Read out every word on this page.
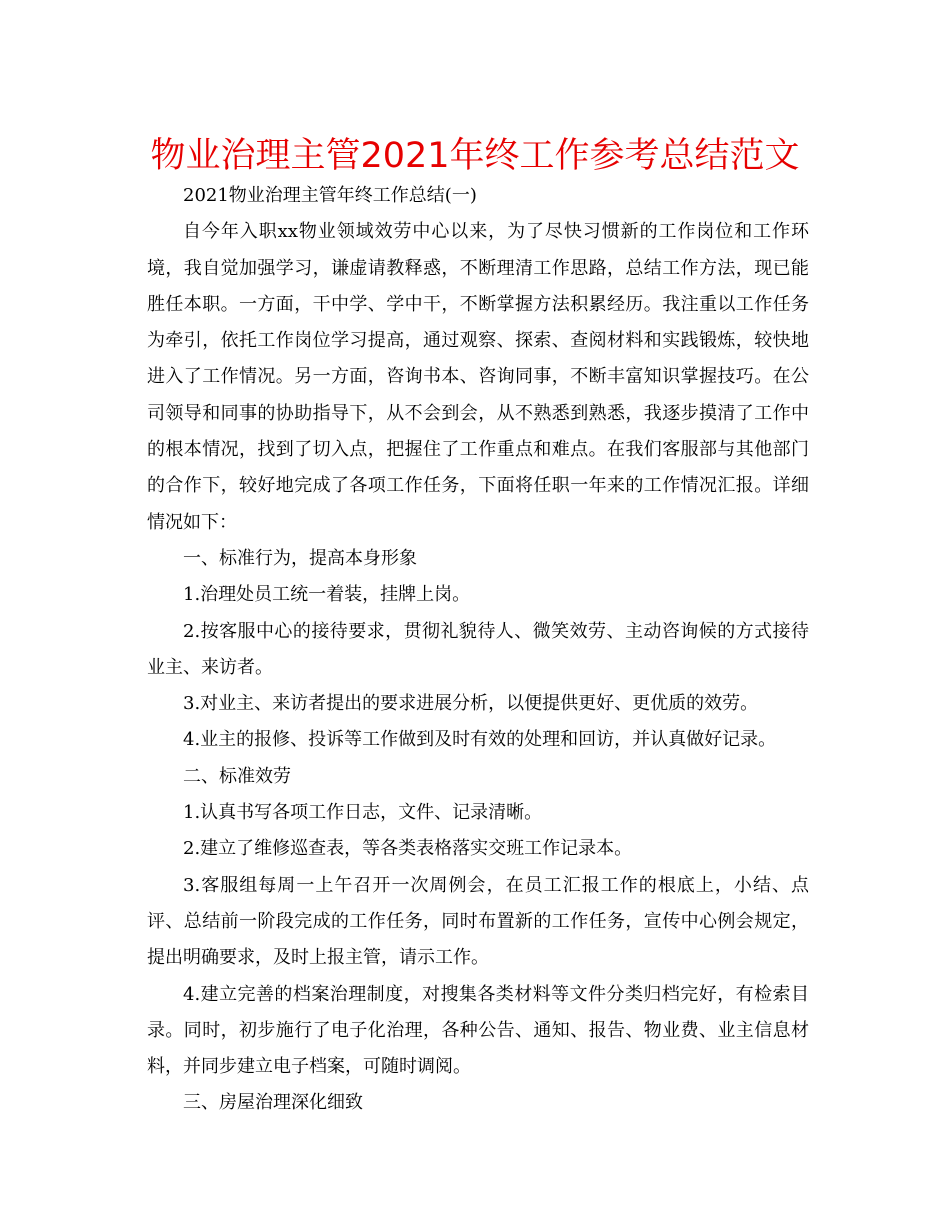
物业治理主管2021年终工作参考总结范文

2021物业治理主管年终工作总结(一)

自今年入职xx物业领域效劳中心以来，为了尽快习惯新的工作岗位和工作环境，我自觉加强学习，谦虚请教释惑，不断理清工作思路，总结工作方法，现已能胜任本职。一方面，干中学、学中干，不断掌握方法积累经历。我注重以工作任务为牵引，依托工作岗位学习提高，通过观察、探索、查阅材料和实践锻炼，较快地进入了工作情况。另一方面，咨询书本、咨询同事，不断丰富知识掌握技巧。在公司领导和同事的协助指导下，从不会到会，从不熟悉到熟悉，我逐步摸清了工作中的根本情况，找到了切入点，把握住了工作重点和难点。在我们客服部与其他部门的合作下，较好地完成了各项工作任务，下面将任职一年来的工作情况汇报。详细情况如下：

一、标准行为，提高本身形象

1.治理处员工统一着装，挂牌上岗。

2.按客服中心的接待要求，贯彻礼貌待人、微笑效劳、主动咨询候的方式接待业主、来访者。

3.对业主、来访者提出的要求进展分析，以便提供更好、更优质的效劳。

4.业主的报修、投诉等工作做到及时有效的处理和回访，并认真做好记录。

二、标准效劳

1.认真书写各项工作日志，文件、记录清晰。

2.建立了维修巡查表，等各类表格落实交班工作记录本。

3.客服组每周一上午召开一次周例会，在员工汇报工作的根底上，小结、点评、总结前一阶段完成的工作任务，同时布置新的工作任务，宣传中心例会规定，提出明确要求，及时上报主管，请示工作。

4.建立完善的档案治理制度，对搜集各类材料等文件分类归档完好，有检索目录。同时，初步施行了电子化治理，各种公告、通知、报告、物业费、业主信息材料，并同步建立电子档案，可随时调阅。

三、房屋治理深化细致
